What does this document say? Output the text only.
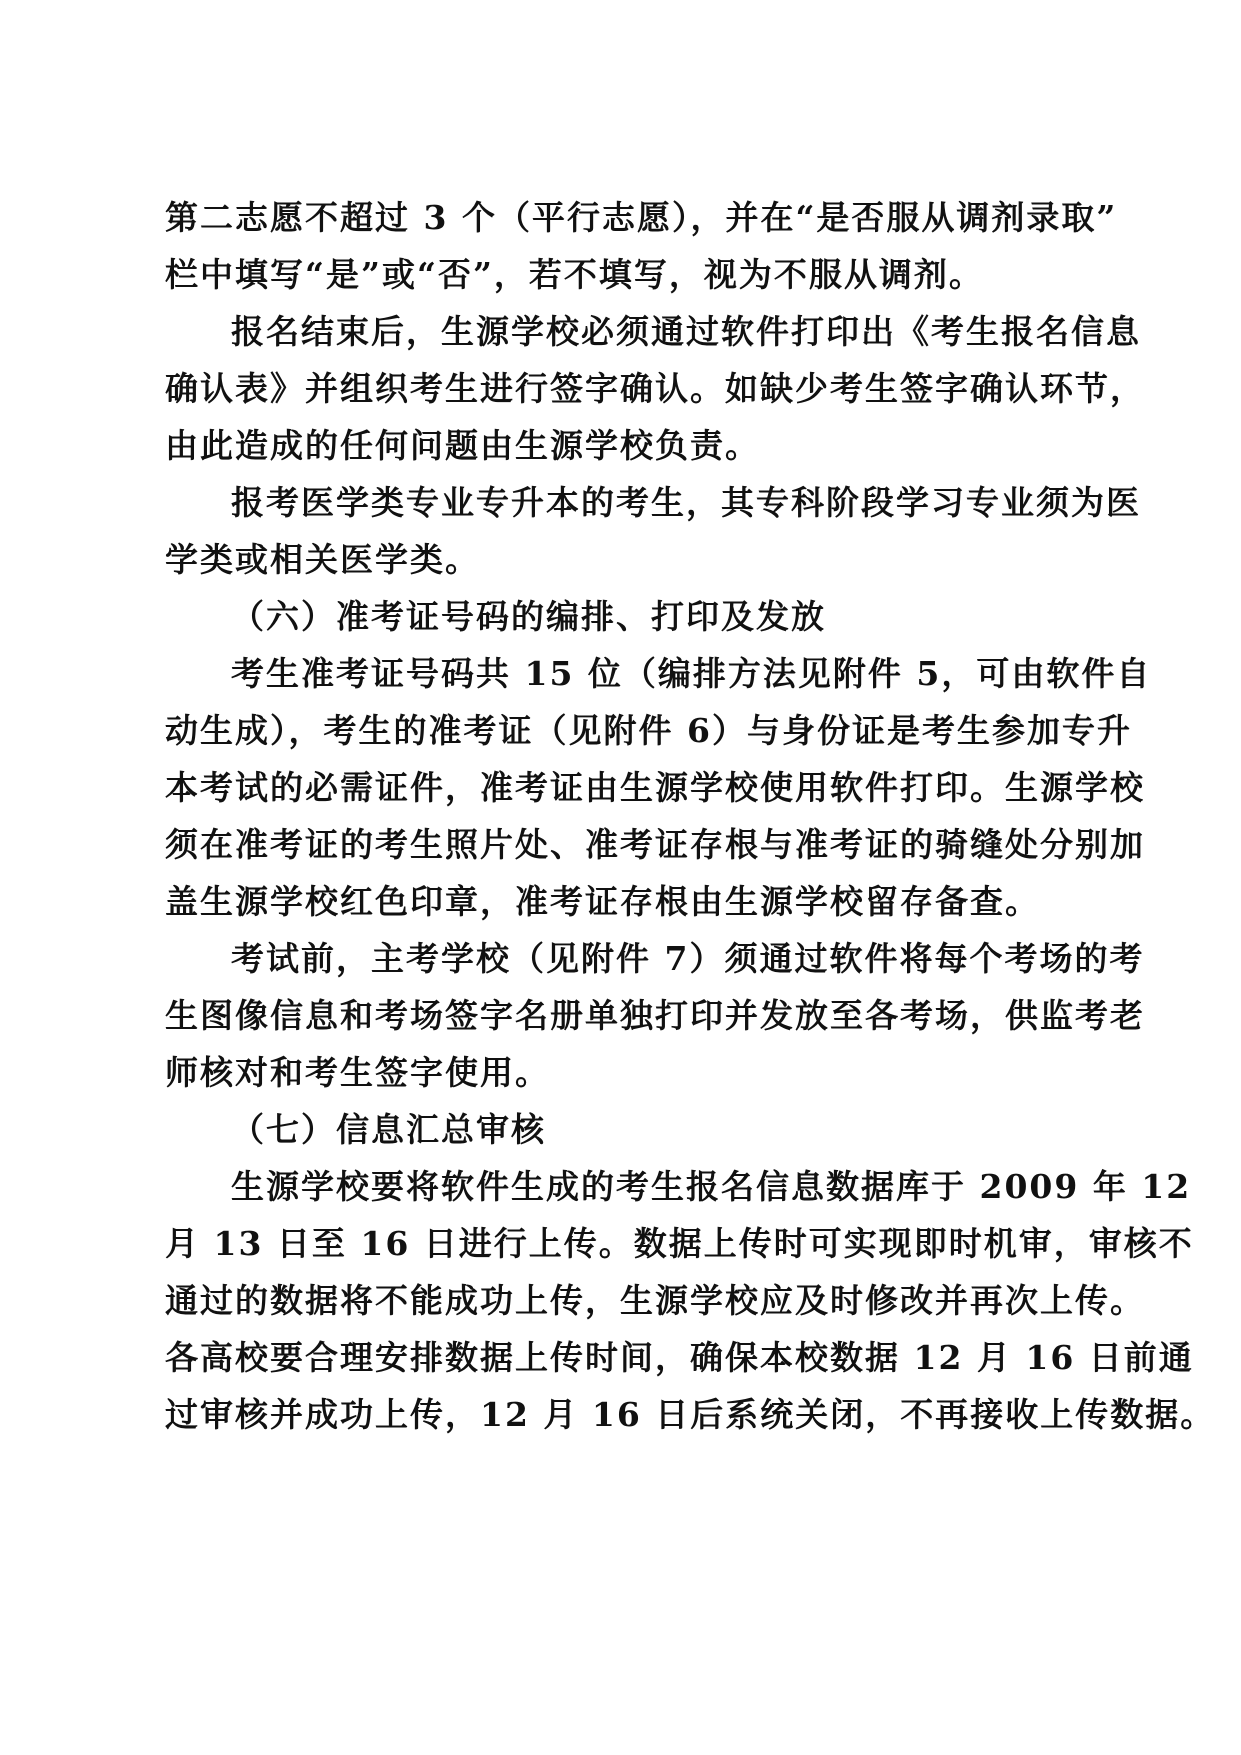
第二志愿不超过 3 个（平行志愿），并在“是否服从调剂录取”
栏中填写“是”或“否”，若不填写，视为不服从调剂。
报名结束后，生源学校必须通过软件打印出《考生报名信息
确认表》并组织考生进行签字确认。如缺少考生签字确认环节，
由此造成的任何问题由生源学校负责。
报考医学类专业专升本的考生，其专科阶段学习专业须为医
学类或相关医学类。
（六）准考证号码的编排、打印及发放
考生准考证号码共 15 位（编排方法见附件 5，可由软件自
动生成），考生的准考证（见附件 6）与身份证是考生参加专升
本考试的必需证件，准考证由生源学校使用软件打印。生源学校
须在准考证的考生照片处、准考证存根与准考证的骑缝处分别加
盖生源学校红色印章，准考证存根由生源学校留存备查。
考试前，主考学校（见附件 7）须通过软件将每个考场的考
生图像信息和考场签字名册单独打印并发放至各考场，供监考老
师核对和考生签字使用。
（七）信息汇总审核
生源学校要将软件生成的考生报名信息数据库于 2009 年 12
月 13 日至 16 日进行上传。数据上传时可实现即时机审，审核不
通过的数据将不能成功上传，生源学校应及时修改并再次上传。
各高校要合理安排数据上传时间，确保本校数据 12 月 16 日前通
过审核并成功上传，12 月 16 日后系统关闭，不再接收上传数据。
